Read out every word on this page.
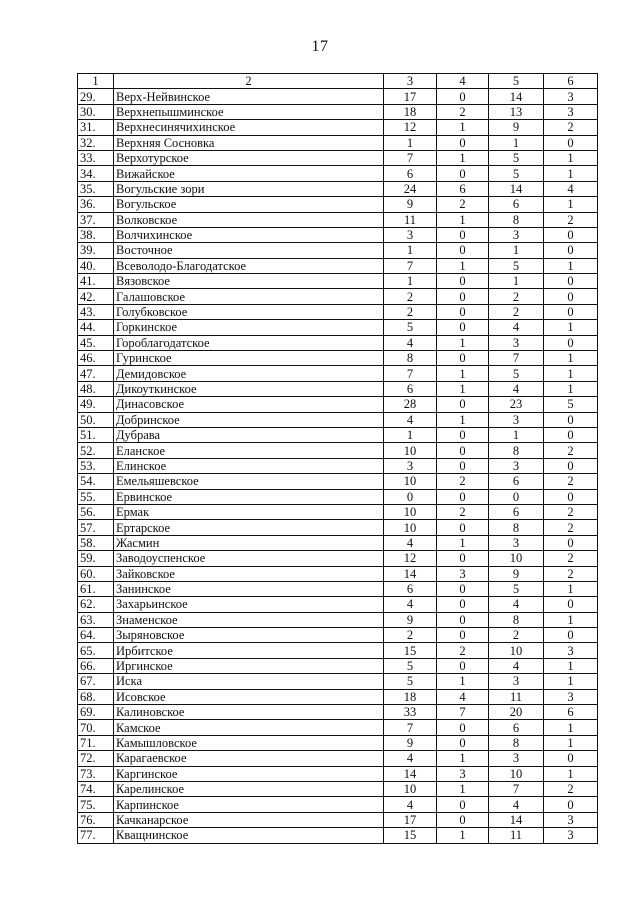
17
1	2	3	4	5	6
29.	Верх-Нейвинское	17	0	14	3
30.	Верхнепышминское	18	2	13	3
31.	Верхнесинячихинское	12	1	9	2
32.	Верхняя Сосновка	1	0	1	0
33.	Верхотурское	7	1	5	1
34.	Вижайское	6	0	5	1
35.	Вогульские зори	24	6	14	4
36.	Вогульское	9	2	6	1
37.	Волковское	11	1	8	2
38.	Волчихинское	3	0	3	0
39.	Восточное	1	0	1	0
40.	Всеволодо-Благодатское	7	1	5	1
41.	Вязовское	1	0	1	0
42.	Галашовское	2	0	2	0
43.	Голубковское	2	0	2	0
44.	Горкинское	5	0	4	1
45.	Гороблагодатское	4	1	3	0
46.	Гуринское	8	0	7	1
47.	Демидовское	7	1	5	1
48.	Дикоуткинское	6	1	4	1
49.	Динасовское	28	0	23	5
50.	Добринское	4	1	3	0
51.	Дубрава	1	0	1	0
52.	Еланское	10	0	8	2
53.	Елинское	3	0	3	0
54.	Емельяшевское	10	2	6	2
55.	Ервинское	0	0	0	0
56.	Ермак	10	2	6	2
57.	Ертарское	10	0	8	2
58.	Жасмин	4	1	3	0
59.	Заводоуспенское	12	0	10	2
60.	Зайковское	14	3	9	2
61.	Занинское	6	0	5	1
62.	Захарьинское	4	0	4	0
63.	Знаменское	9	0	8	1
64.	Зыряновское	2	0	2	0
65.	Ирбитское	15	2	10	3
66.	Иргинское	5	0	4	1
67.	Иска	5	1	3	1
68.	Исовское	18	4	11	3
69.	Калиновское	33	7	20	6
70.	Камское	7	0	6	1
71.	Камышловское	9	0	8	1
72.	Карагаевское	4	1	3	0
73.	Каргинское	14	3	10	1
74.	Карелинское	10	1	7	2
75.	Карпинское	4	0	4	0
76.	Качканарское	17	0	14	3
77.	Кващнинское	15	1	11	3
